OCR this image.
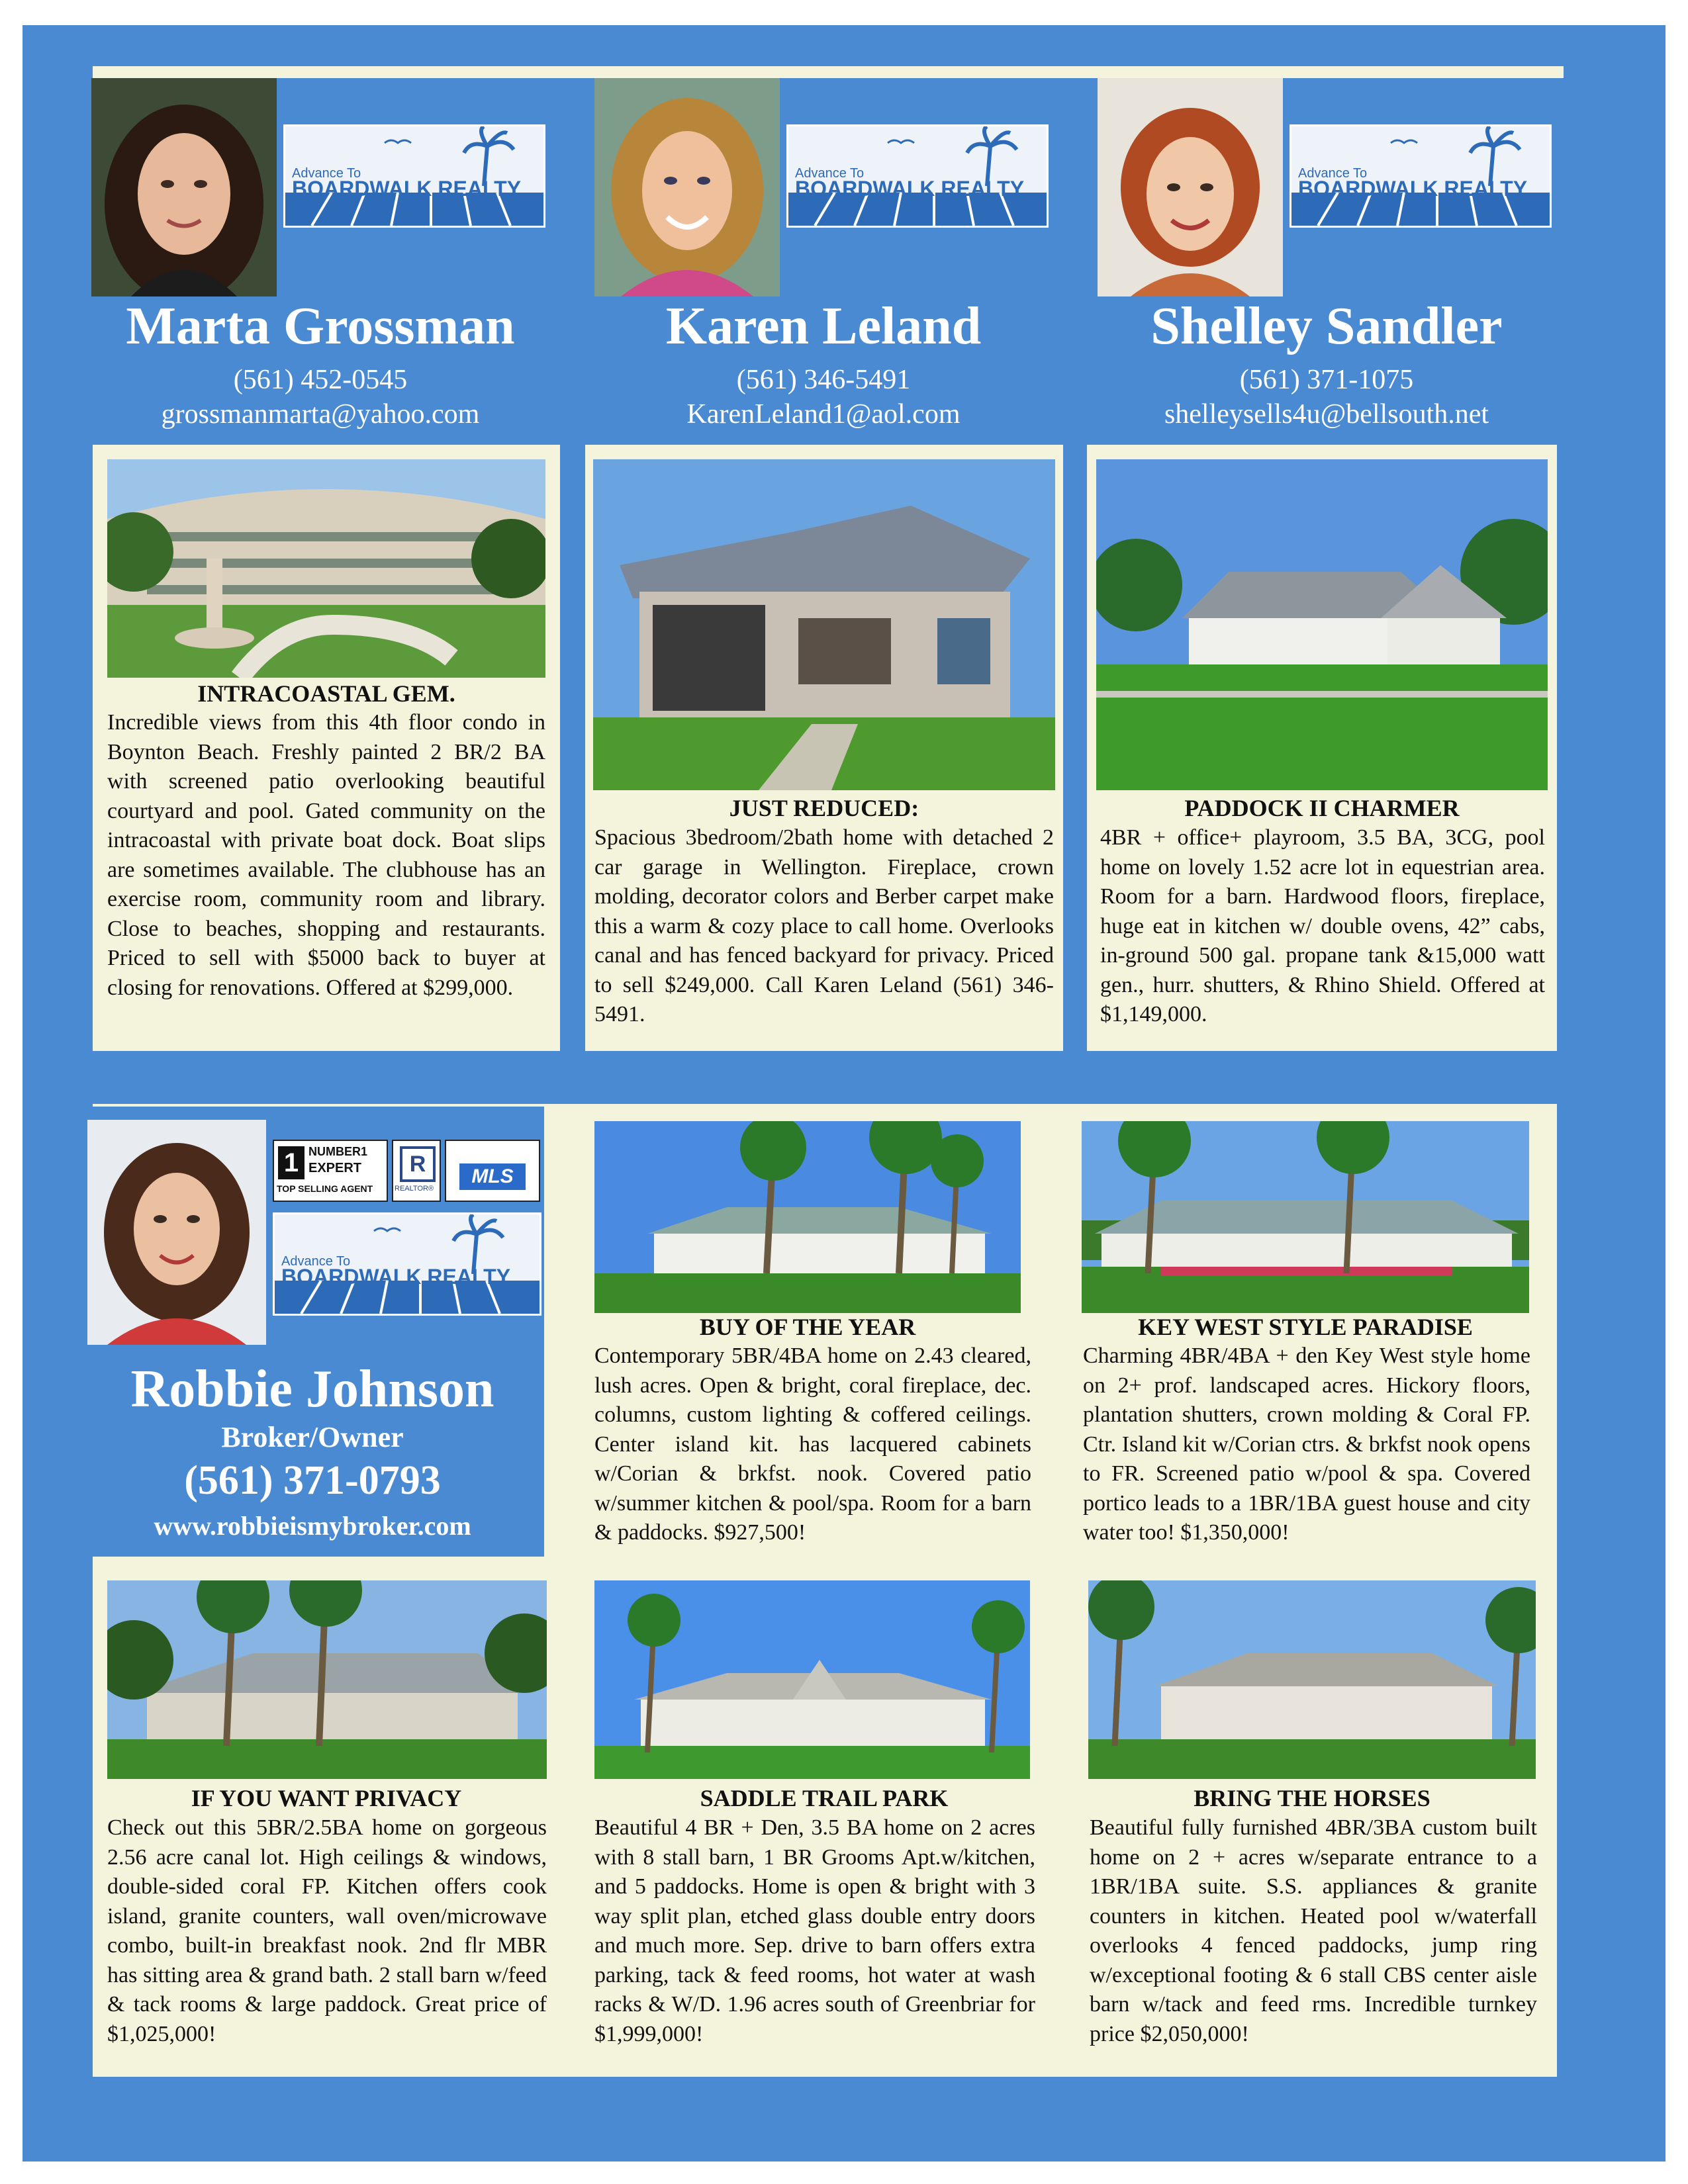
Advance To
BOARDWALK REALTY
Marta Grossman
(561) 452-0545
grossmanmarta@yahoo.com
Advance To
BOARDWALK REALTY
Karen Leland
(561) 346-5491
KarenLeland1@aol.com
Advance To
BOARDWALK REALTY
Shelley Sandler
(561) 371-1075
shelleysells4u@bellsouth.net
INTRACOASTAL GEM.
Incredible views from this 4th floor condo in Boynton Beach. Freshly painted 2 BR/2 BA with screened patio overlooking beautiful courtyard and pool. Gated community on the intracoastal with private boat dock. Boat slips are sometimes available. The clubhouse has an exercise room, community room and library. Close to beaches, shopping and restaurants. Priced to sell with $5000 back to buyer at closing for renovations. Offered at $299,000.
JUST REDUCED:
Spacious 3bedroom/2bath home with detached 2 car garage in Wellington. Fireplace, crown molding, decorator colors and Berber carpet make this a warm & cozy place to call home. Overlooks canal and has fenced backyard for privacy. Priced to sell $249,000. Call Karen Leland (561) 346-5491.
PADDOCK II CHARMER
4BR + office+ playroom, 3.5 BA, 3CG, pool home on lovely 1.52 acre lot in equestrian area. Room for a barn. Hardwood floors, fireplace, huge eat in kitchen w/ double ovens, 42” cabs, in-ground 500 gal. propane tank &15,000 watt gen., hurr. shutters, & Rhino Shield. Offered at $1,149,000.
1 NUMBER1
EXPERT
TOP SELLING AGENT
R
REALTOR®
MLS
Advance To
BOARDWALK REALTY
Robbie Johnson
Broker/Owner
(561) 371-0793
www.robbieismybroker.com
BUY OF THE YEAR
Contemporary 5BR/4BA home on 2.43 cleared, lush acres. Open & bright, coral fireplace, dec. columns, custom lighting & coffered ceilings. Center island kit. has lacquered cabinets w/Corian & brkfst. nook. Covered patio w/summer kitchen & pool/spa. Room for a barn & paddocks. $927,500!
KEY WEST STYLE PARADISE
Charming 4BR/4BA + den Key West style home on 2+ prof. landscaped acres. Hickory floors, plantation shutters, crown molding & Coral FP. Ctr. Island kit w/Corian ctrs. & brkfst nook opens to FR. Screened patio w/pool & spa. Covered portico leads to a 1BR/1BA guest house and city water too! $1,350,000!
IF YOU WANT PRIVACY
Check out this 5BR/2.5BA home on gorgeous 2.56 acre canal lot. High ceilings & windows, double-sided coral FP. Kitchen offers cook island, granite counters, wall oven/microwave combo, built-in breakfast nook. 2nd flr MBR has sitting area & grand bath. 2 stall barn w/feed & tack rooms & large paddock. Great price of $1,025,000!
SADDLE TRAIL PARK
Beautiful 4 BR + Den, 3.5 BA home on 2 acres with 8 stall barn, 1 BR Grooms Apt.w/kitchen, and 5 paddocks. Home is open & bright with 3 way split plan, etched glass double entry doors and much more. Sep. drive to barn offers extra parking, tack & feed rooms, hot water at wash racks & W/D. 1.96 acres south of Greenbriar for $1,999,000!
BRING THE HORSES
Beautiful fully furnished 4BR/3BA custom built home on 2 + acres w/separate entrance to a 1BR/1BA suite. S.S. appliances & granite counters in kitchen. Heated pool w/waterfall overlooks 4 fenced paddocks, jump ring w/exceptional footing & 6 stall CBS center aisle barn w/tack and feed rms. Incredible turnkey price $2,050,000!
